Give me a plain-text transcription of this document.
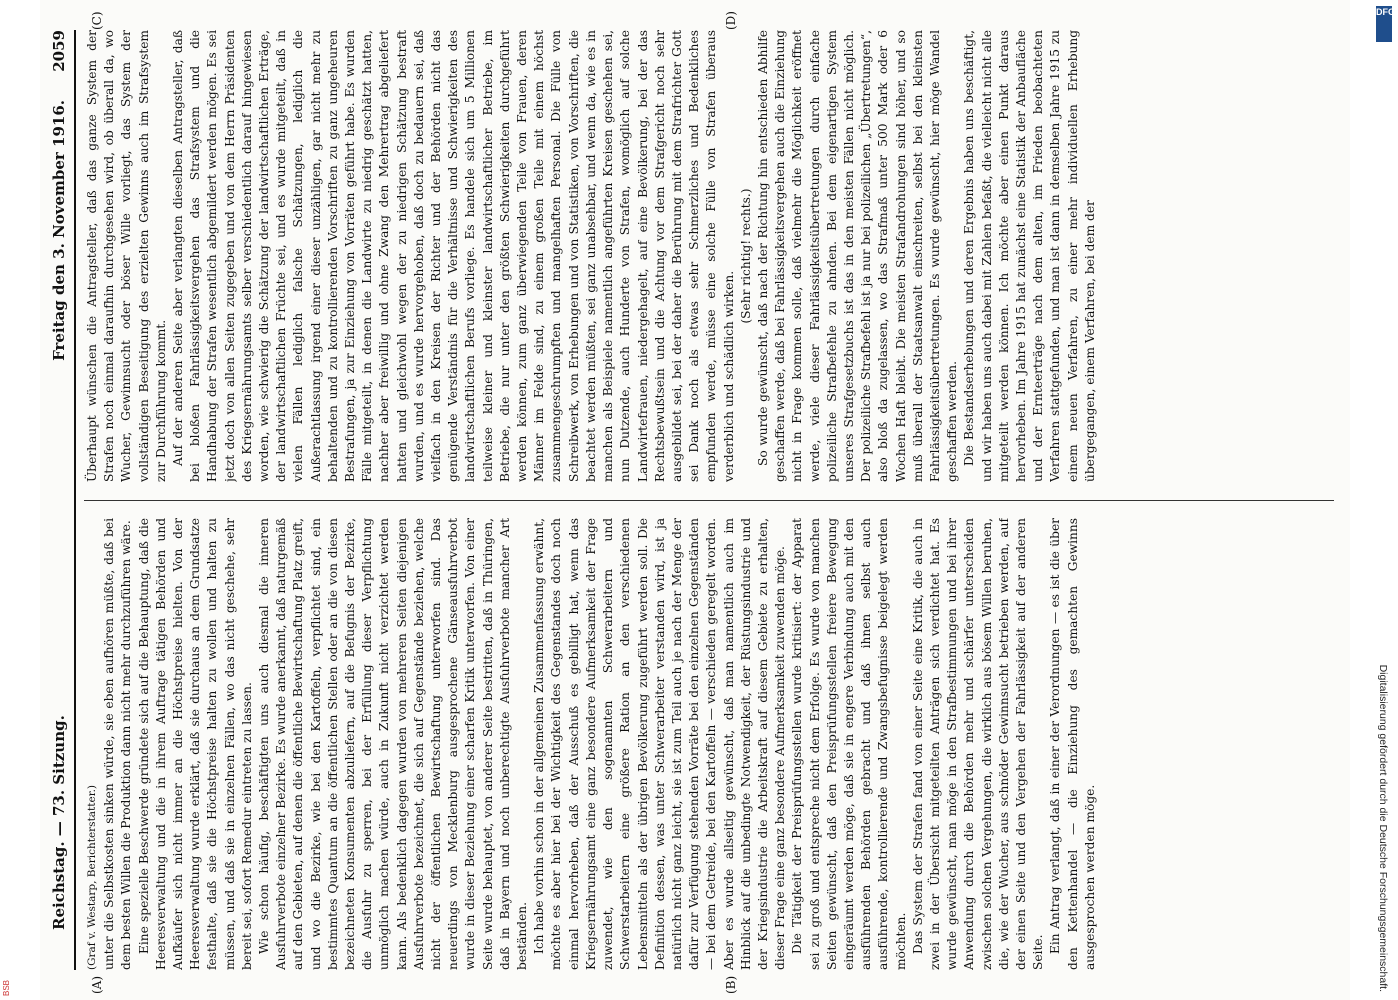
2059
Reichstag. — 73. Sitzung.
Freitag den 3. November 1916.
(A)	(B)
(C)	(D)

(Graf v. Westarp, Berichterstatter.) unter die Selbstkosten sinken würde, sie eben aufhören müßte, daß bei dem besten Willen die Produktion dann nicht mehr durchzuführen wäre. Eine spezielle Beschwerde gründete sich auf die Behauptung, daß die Heeresverwaltung und die in ihrem Auftrage tätigen Behörden und Aufkäufer sich nicht immer an die Höchstpreise hielten. Von der Heeresverwaltung wurde erklärt, daß sie durchaus an dem Grundsatze festhalte, daß sie die Höchstpreise halten zu wollen und halten zu müssen, und daß sie in einzelnen Fällen, wo das nicht geschehe, sehr bereit sei, sofort Remedur eintreten zu lassen. Wie schon häufig, beschäftigten uns auch diesmal die inneren Ausfuhrverbote einzelner Bezirke. Es wurde anerkannt, daß naturgemäß auf den Gebieten, auf denen die öffentliche Bewirtschaftung Platz greift, und wo die Bezirke, wie bei den Kartoffeln, verpflichtet sind, ein bestimmtes Quantum an die öffentlichen Stellen oder an die von diesen bezeichneten Konsumenten abzuliefern, auf die Befugnis der Bezirke, die Ausfuhr zu sperren, bei der Erfüllung dieser Verpflichtung unmöglich machen würde, auch in Zukunft nicht verzichtet werden kann. Als bedenklich dagegen wurden von mehreren Seiten diejenigen Ausfuhrverbote bezeichnet, die sich auf Gegenstände beziehen, welche nicht der öffentlichen Bewirtschaftung unterworfen sind. Das neuerdings von Mecklenburg ausgesprochene Gänseausfuhrverbot wurde in dieser Beziehung einer scharfen Kritik unterworfen. Von einer Seite wurde behauptet, von anderer Seite bestritten, daß in Thüringen, daß in Bayern und noch unberechtigte Ausfuhrverbote mancher Art beständen. Ich habe vorhin schon in der allgemeinen Zusammenfassung erwähnt, möchte es aber hier bei der Wichtigkeit des Gegenstandes doch noch einmal hervorheben, daß der Ausschuß es gebilligt hat, wenn das Kriegsernährungsamt eine ganz besondere Aufmerksamkeit der Frage zuwendet, wie den sogenannten Schwerarbeitern und Schwerstarbeitern eine größere Ration an den verschiedenen Lebensmitteln als der übrigen Bevölkerung zugeführt werden soll. Die Definition dessen, was unter Schwerarbeiter verstanden wird, ist ja natürlich nicht ganz leicht, sie ist zum Teil auch je nach der Menge der dafür zur Verfügung stehenden Vorräte bei den einzelnen Gegenständen — bei dem Getreide, bei den Kartoffeln — verschieden geregelt worden. Aber es wurde allseitig gewünscht, daß man namentlich auch im Hinblick auf die unbedingte Notwendigkeit, der Rüstungsindustrie und der Kriegsindustrie die Arbeitskraft auf diesem Gebiete zu erhalten, dieser Frage eine ganz besondere Aufmerksamkeit zuwenden möge. Die Tätigkeit der Preisprüfungsstellen wurde kritisiert: der Apparat sei zu groß und entspreche nicht dem Erfolge. Es wurde von manchen Seiten gewünscht, daß den Preisprüfungsstellen freiere Bewegung eingeräumt werden möge, daß sie in engere Verbindung auch mit den ausführenden Behörden gebracht und daß ihnen selbst auch ausführende, kontrollierende und Zwangsbefugnisse beigelegt werden möchten. Das System der Strafen fand von einer Seite eine Kritik, die auch in zwei in der Übersicht mitgeteilten Anträgen sich verdichtet hat. Es wurde gewünscht, man möge in den Strafbestimmungen und bei ihrer Anwendung durch die Behörden mehr und schärfer unterscheiden zwischen solchen Vergehungen, die wirklich aus bösem Willen beruhen, die, wie der Wucher, aus schnöder Gewinnsucht betrieben werden, auf der einen Seite und den Vergehen der Fahrlässigkeit auf der anderen Seite. Ein Antrag verlangt, daß in einer der Verordnungen — es ist die über den Kettenhandel — die Einziehung des gemachten Gewinns ausgesprochen werden möge.

Überhaupt wünschen die Antragsteller, daß das ganze System der Strafen noch einmal daraufhin durchgesehen wird, ob überall da, wo Wucher, Gewinnsucht oder böser Wille vorliegt, das System der vollständigen Beseitigung des erzielten Gewinns auch im Strafsystem zur Durchführung kommt. Auf der anderen Seite aber verlangten dieselben Antragsteller, daß bei bloßen Fahrlässigkeitsvergehen das Strafsystem und die Handhabung der Strafen wesentlich abgemildert werden mögen. Es sei jetzt doch von allen Seiten zugegeben und von dem Herrn Präsidenten des Kriegsernährungsamts selber verschiedentlich darauf hingewiesen worden, wie schwierig die Schätzung der landwirtschaftlichen Erträge, der landwirtschaftlichen Früchte sei, und es wurde mitgeteilt, daß in vielen Fällen lediglich falsche Schätzungen, lediglich die Außerachtlassung irgend einer dieser unzähligen, gar nicht mehr zu behaltenden und zu kontrollierenden Vorschriften zu ganz ungeheuren Bestrafungen, ja zur Einziehung von Vorräten geführt habe. Es wurden Fälle mitgeteilt, in denen die Landwirte zu niedrig geschätzt hatten, nachher aber freiwillig und ohne Zwang den Mehrertrag abgeliefert hatten und gleichwohl wegen der zu niedrigen Schätzung bestraft wurden, und es wurde hervorgehoben, daß doch zu bedauern sei, daß vielfach in den Kreisen der Richter und der Behörden nicht das genügende Verständnis für die Verhältnisse und Schwierigkeiten des landwirtschaftlichen Berufs vorliege. Es handele sich um 5 Millionen teilweise kleiner und kleinster landwirtschaftlicher Betriebe, im Betriebe, die nur unter den größten Schwierigkeiten durchgeführt werden können, zum ganz überwiegenden Teile von Frauen, deren Männer im Felde sind, zu einem großen Teile mit einem höchst zusammengeschrumpften und mangelhaften Personal. Die Fülle von Schreibwerk, von Erhebungen und von Statistiken, von Vorschriften, die beachtet werden müßten, sei ganz unabsehbar, und wenn da, wie es in manchen als Beispiele namentlich angeführten Kreisen geschehen sei, nun Dutzende, auch Hunderte von Strafen, womöglich auf solche Landwirtefrauen, niedergehagelt, auf eine Bevölkerung, bei der das Rechtsbewußtsein und die Achtung vor dem Strafgericht noch sehr ausgebildet sei, bei der daher die Berührung mit dem Strafrichter Gott sei Dank noch als etwas sehr Schmerzliches und Bedenkliches empfunden werde, müsse eine solche Fülle von Strafen überaus verderblich und schädlich wirken.

(Sehr richtig! rechts.) So wurde gewünscht, daß nach der Richtung hin entschieden Abhilfe geschaffen werde, daß bei Fahrlässigkeitsvergehen auch die Einziehung nicht in Frage kommen solle, daß vielmehr die Möglichkeit eröffnet werde, viele dieser Fahrlässigkeitsübertretungen durch einfache polizeiliche Strafbefehle zu ahnden. Bei dem eigenartigen System unseres Strafgesetzbuchs ist das in den meisten Fällen nicht möglich. Der polizeiliche Strafbefehl ist ja nur bei polizeilichen „Übertretungen“, also bloß da zugelassen, wo das Strafmaß unter 500 Mark oder 6 Wochen Haft bleibt. Die meisten Strafandrohungen sind höher, und so muß überall der Staatsanwalt einschreiten, selbst bei den kleinsten Fahrlässigkeitsübertretungen. Es wurde gewünscht, hier möge Wandel geschaffen werden. Die Bestandserhebungen und deren Ergebnis haben uns beschäftigt, und wir haben uns auch dabei mit Zahlen befaßt, die vielleicht nicht alle mitgeteilt werden können. Ich möchte aber einen Punkt daraus hervorheben. Im Jahre 1915 hat zunächst eine Statistik der Anbaufläche und der Ernteerträge nach dem alten, im Frieden beobachteten Verfahren stattgefunden, und man ist dann in demselben Jahre 1915 zu einem neuen Verfahren, zu einer mehr individuellen Erhebung übergegangen, einem Verfahren, bei dem der

DFG
Digitalisierung gefördert durch die Deutsche Forschungsgemeinschaft.
BSB
